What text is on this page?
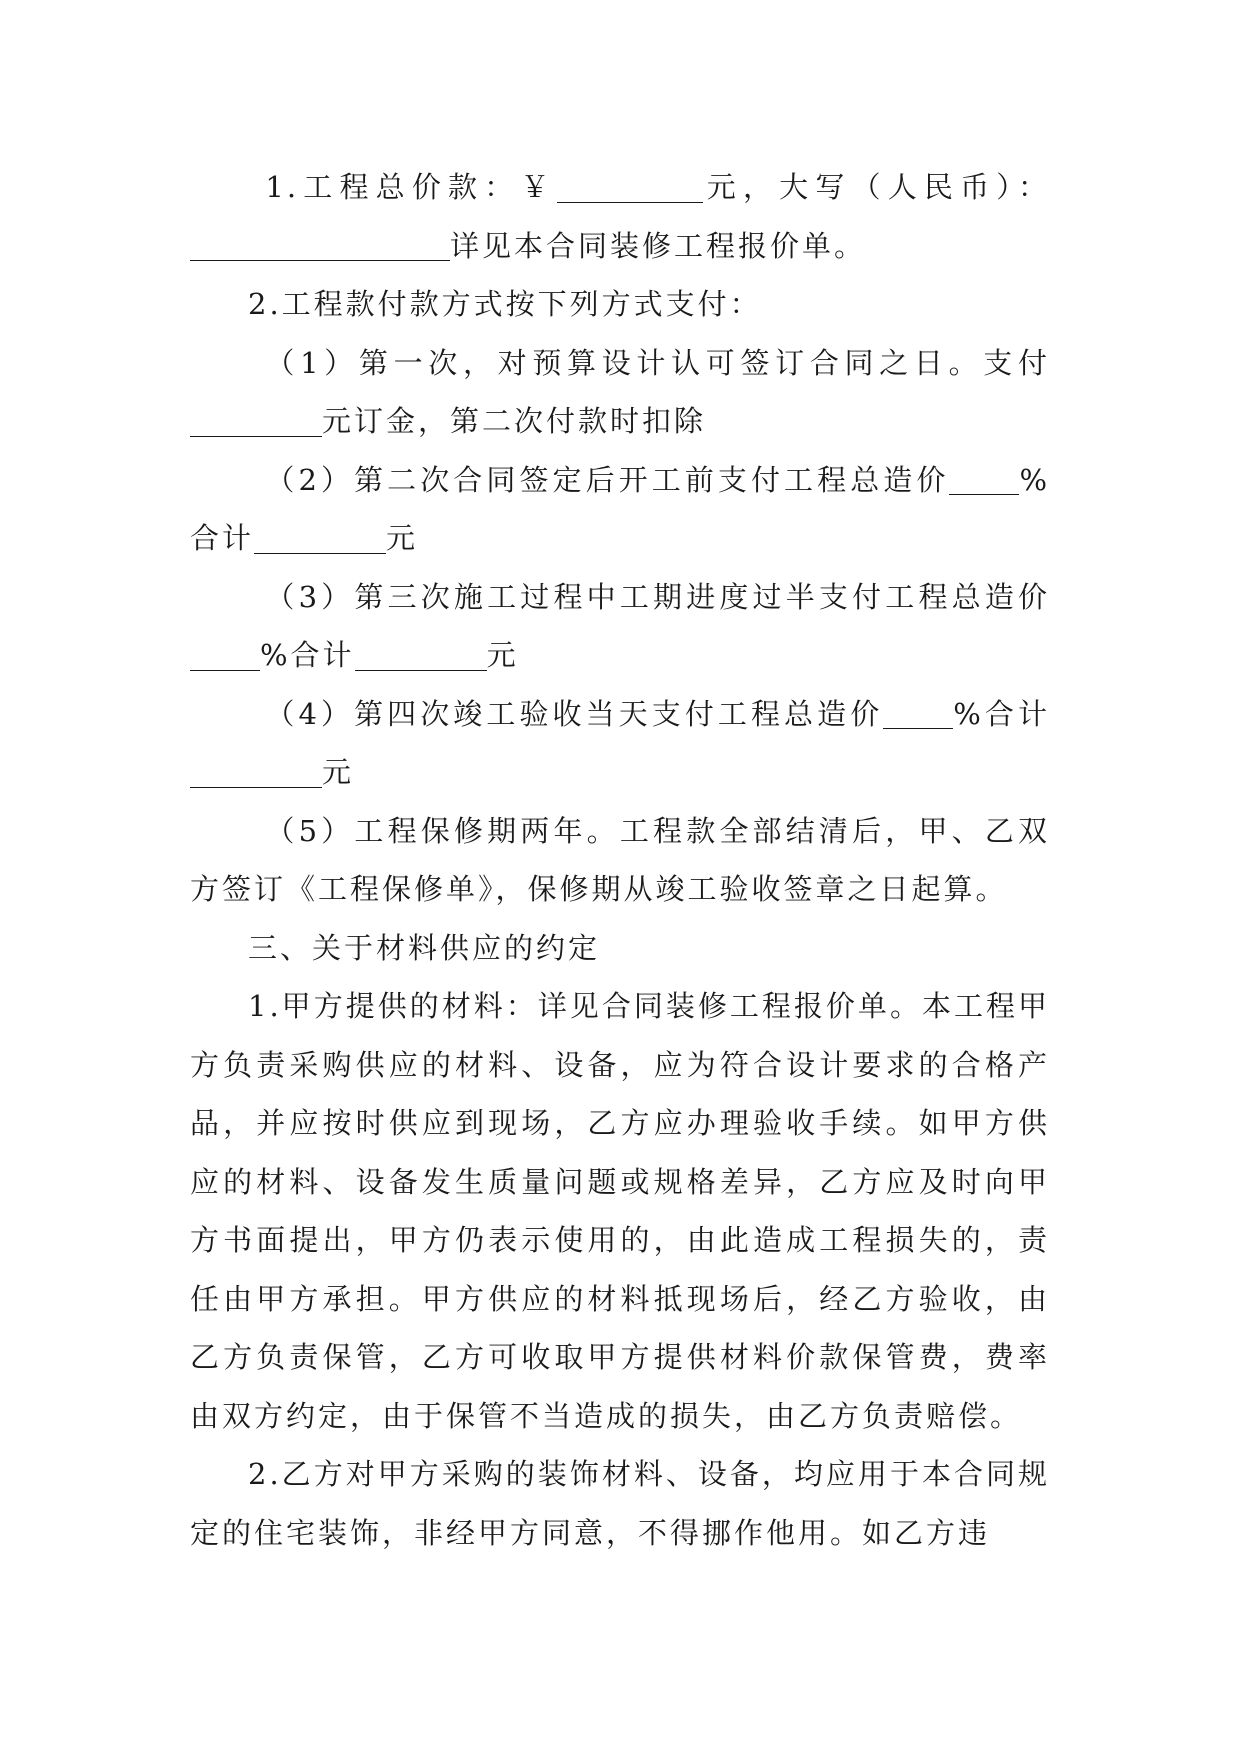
1.工程总价款：￥	元，大写（人民币）：详见本合同装修工程报价单。

2.工程款付款方式按下列方式支付：

（1）第一次，对预算设计认可签订合同之日。支付元订金，第二次付款时扣除

（2）第二次合同签定后开工前支付工程总造价 %合计	元

（3）第三次施工过程中工期进度过半支付工程总造价%合计	元

（4）第四次竣工验收当天支付工程总造价 %合计元

（5）工程保修期两年。工程款全部结清后，甲、乙双方签订《工程保修单》，保修期从竣工验收签章之日起算。

三、关于材料供应的约定

1.甲方提供的材料：详见合同装修工程报价单。本工程甲方负责采购供应的材料、设备，应为符合设计要求的合格产品，并应按时供应到现场，乙方应办理验收手续。如甲方供应的材料、设备发生质量问题或规格差异，乙方应及时向甲方书面提出，甲方仍表示使用的，由此造成工程损失的，责任由甲方承担。甲方供应的材料抵现场后，经乙方验收，由乙方负责保管，乙方可收取甲方提供材料价款保管费，费率由双方约定，由于保管不当造成的损失，由乙方负责赔偿。

2.乙方对甲方采购的装饰材料、设备，均应用于本合同规定的住宅装饰，非经甲方同意，不得挪作他用。如乙方违
